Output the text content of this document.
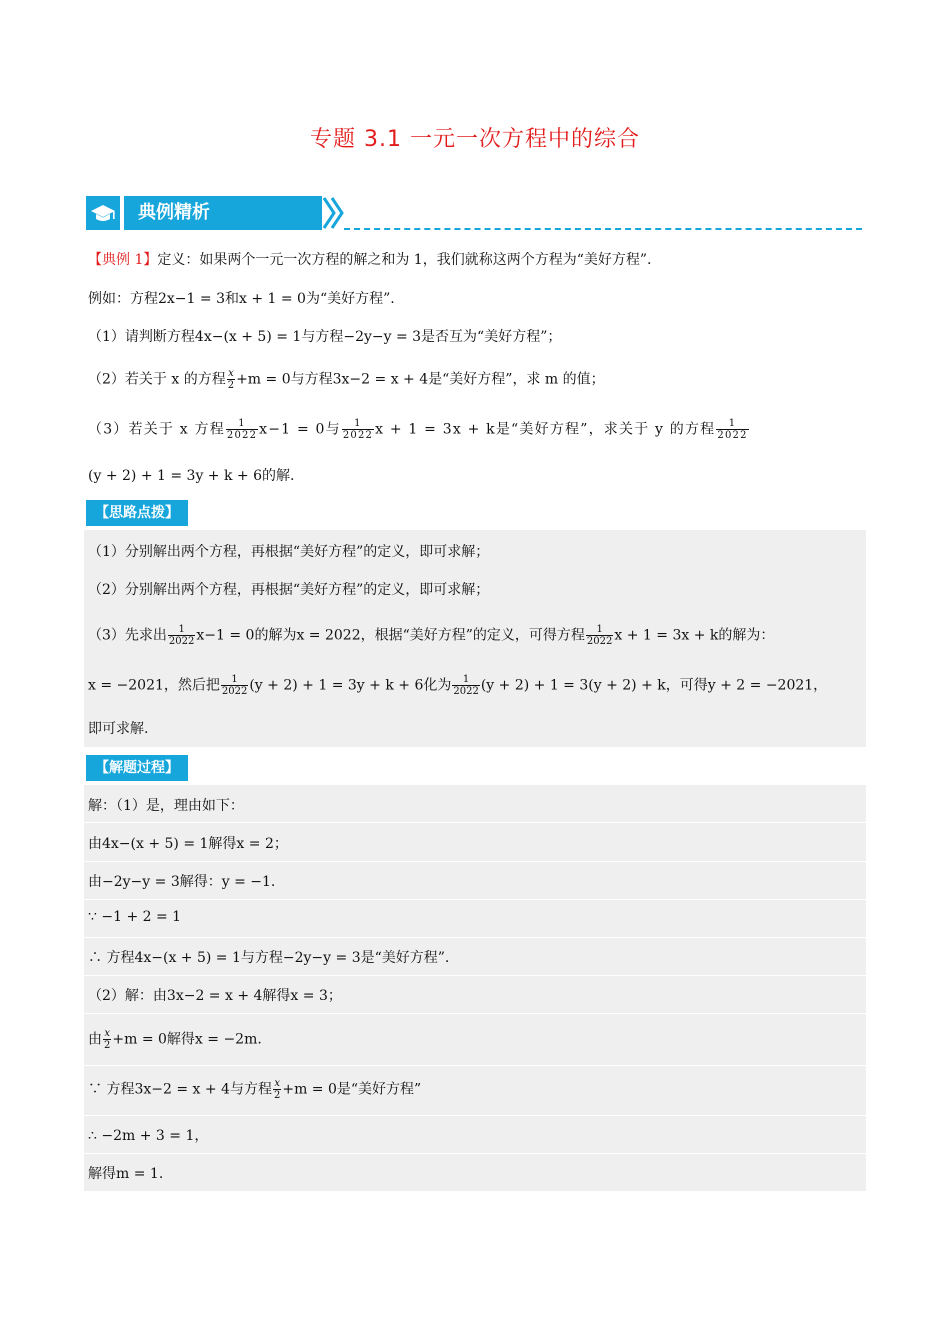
专题 3.1 一元一次方程中的综合
典例精析
【典例 1】定义：如果两个一元一次方程的解之和为 1，我们就称这两个方程为“美好方程”.
例如：方程2x−1 = 3和x + 1 = 0为“美好方程”.
（1）请判断方程4x−(x + 5) = 1与方程−2y−y = 3是否互为“美好方程”；
（2）若关于 x 的方程 $\frac{x}{2} +m = 0$与方程3x−2 = x + 4是“美好方程”，求 m 的值；
（3）若关于 x 方程 $\frac{1}{2022} x-1 = 0$与 $\frac{1}{2022}$ x + 1 = 3x + k是“美好方程”，求关于 y 的方程 $\frac{1}{2022}$
(y + 2) + 1 = 3y + k + 6的解.
【思路点拨】
（1）分别解出两个方程，再根据“美好方程”的定义，即可求解；
（2）分别解出两个方程，再根据“美好方程”的定义，即可求解；
（3）先求出 $\frac{1}{2022} x-1 = 0$的解为x = 2022，根据“美好方程”的定义，可得方程 $\frac{1}{2022}$ x + 1 = 3x + k的解为：
x = −2021，然后把 $\frac{1}{2022} (y + 2) + 1 = 3y + k + 6$化为 $\frac{1}{2022} (y + 2) + 1 = 3(y + 2) + k$，可得y + 2 = −2021，
即可求解.
【解题过程】
解：（1）是，理由如下：
由4x−(x + 5) = 1解得x = 2；
由−2y−y = 3解得：y = −1.
∵ −1 + 2 = 1
∴ 方程4x−(x + 5) = 1与方程−2y−y = 3是“美好方程”.
（2）解：由3x−2 = x + 4解得x = 3；
由 $\frac{x}{2} +m = 0$解得x = −2m.
∵ 方程3x−2 = x + 4与方程 $\frac{x}{2} +m = 0$是“美好方程”
∴ −2m + 3 = 1，
解得m = 1.
